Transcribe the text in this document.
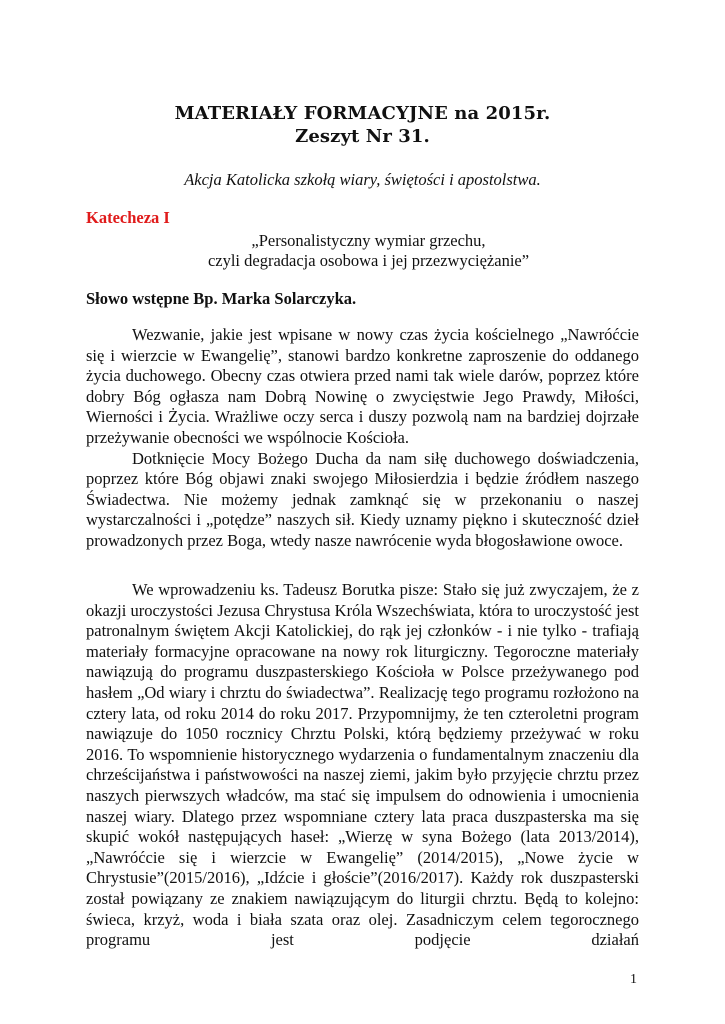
MATERIAŁY FORMACYJNE na 2015r.
Zeszyt Nr 31.
Akcja Katolicka szkołą wiary, świętości i apostolstwa.
Katecheza I
„Personalistyczny wymiar grzechu,
czyli degradacja osobowa i jej przezwyciężanie”
Słowo wstępne Bp. Marka Solarczyka.

Wezwanie, jakie jest wpisane w nowy czas życia kościelnego „Nawróćcie się i wierzcie w Ewangelię”, stanowi bardzo konkretne zaproszenie do oddanego życia duchowego. Obecny czas otwiera przed nami tak wiele darów, poprzez które dobry Bóg ogłasza nam Dobrą Nowinę o zwycięstwie Jego Prawdy, Miłości, Wierności i Życia. Wrażliwe oczy serca i duszy pozwolą nam na bardziej dojrzałe przeżywanie obecności we wspólnocie Kościoła.

Dotknięcie Mocy Bożego Ducha da nam siłę duchowego doświadczenia, poprzez które Bóg objawi znaki swojego Miłosierdzia i będzie źródłem naszego Świadectwa. Nie możemy jednak zamknąć się w przekonaniu o naszej wystarczalności i „potędze” naszych sił. Kiedy uznamy piękno i skuteczność dzieł prowadzonych przez Boga, wtedy nasze nawrócenie wyda błogosławione owoce.

We wprowadzeniu ks. Tadeusz Borutka pisze: Stało się już zwyczajem, że z okazji uroczystości Jezusa Chrystusa Króla Wszechświata, która to uroczystość jest patronalnym świętem Akcji Katolickiej, do rąk jej członków - i nie tylko - trafiają materiały formacyjne opracowane na nowy rok liturgiczny. Tegoroczne materiały nawiązują do programu duszpasterskiego Kościoła w Polsce przeżywanego pod hasłem „Od wiary i chrztu do świadectwa”. Realizację tego programu rozłożono na cztery lata, od roku 2014 do roku 2017. Przypomnijmy, że ten czteroletni program nawiązuje do 1050 rocznicy Chrztu Polski, którą będziemy przeżywać w roku 2016. To wspomnienie historycznego wydarzenia o fundamentalnym znaczeniu dla chrześcijaństwa i państwowości na naszej ziemi, jakim było przyjęcie chrztu przez naszych pierwszych władców, ma stać się impulsem do odnowienia i umocnienia naszej wiary. Dlatego przez wspomniane cztery lata praca duszpasterska ma się skupić wokół następujących haseł: „Wierzę w syna Bożego (lata 2013/2014), „Nawróćcie się i wierzcie w Ewangelię” (2014/2015), „Nowe życie w Chrystusie”(2015/2016), „Idźcie i głoście”(2016/2017). Każdy rok duszpasterski został powiązany ze znakiem nawiązującym do liturgii chrztu. Będą to kolejno: świeca, krzyż, woda i biała szata oraz olej. Zasadniczym celem tegorocznego programu jest podjęcie działań

1
